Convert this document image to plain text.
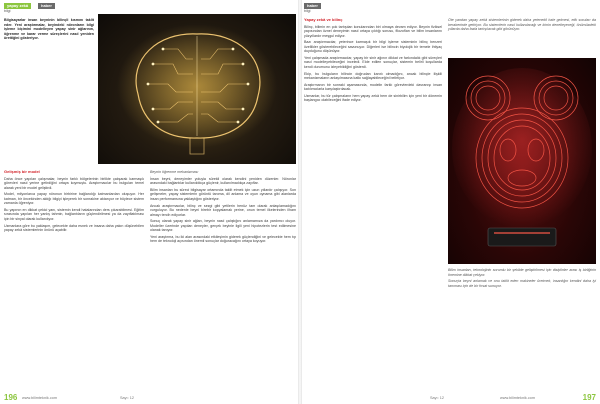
yapay zekâ	haber
bilgi

Bilgisayarlar insan beyninin bilinçli kısmını taklit eder. Yeni araştırmalar, beyindeki nöronların bilgi işleme biçimini modelleyen yapay sinir ağlarının, öğrenme ve karar verme süreçlerini nasıl yeniden ürettiğini gösteriyor.

Gelişmiş bir model

Daha önce yapılan çalışmalar, beynin farklı bölgelerinin birlikte çalışarak karmaşık görevleri nasıl yerine getirdiğini ortaya koymuştu. Araştırmacılar bu bulguları temel alarak yeni bir model geliştirdi.

Model, milyonlarca yapay nöronun birbirine bağlandığı katmanlardan oluşuyor. Her katman, bir öncekinden aldığı bilgiyi işleyerek bir sonrakine aktarıyor ve böylece sistem zamanla öğreniyor.

Bu yapının en dikkat çekici yanı, sistemin kendi hatalarından ders çıkarabilmesi. Eğitim sırasında yapılan her yanlış tahmin, bağlantıların güçlendirilmesi ya da zayıflatılması için bir sinyal olarak kullanılıyor.

Uzmanlara göre bu yaklaşım, gelecekte daha esnek ve insana daha yakın düşünebilen yapay zekâ sistemlerinin önünü açabilir.

Beynin öğrenme mekanizması

İnsan beyni, deneyimler yoluyla sürekli olarak kendini yeniden düzenler. Nöronlar arasındaki bağlantılar kullanıldıkça güçlenir, kullanılmadıkça zayıflar.

Bilim insanları bu süreci bilgisayar ortamında taklit etmek için uzun yıllardır çalışıyor. Son gelişmeler, yapay sistemlerin görüntü tanıma, dil anlama ve oyun oynama gibi alanlarda insan performansına yaklaştığını gösteriyor.

Ancak araştırmacılar, bilinç ve sezgi gibi yetilerin henüz tam olarak anlaşılamadığını vurguluyor. Bu nedenle beyni birebir kopyalamak yerine, onun temel ilkelerinden ilham almayı tercih ediyorlar.

Sonuç olarak yapay sinir ağları, beynin nasıl çalıştığını anlamamıza da yardımcı oluyor. Modeller üzerinde yapılan deneyler, gerçek beyinle ilgili yeni hipotezlerin test edilmesine olanak tanıyor.

Yeni araştırma, bu iki alan arasındaki etkileşimin giderek güçlendiğini ve gelecekte hem tıp hem de teknoloji açısından önemli sonuçlar doğuracağını ortaya koyuyor.

196 www.bilimteknik.com	Sayı: 12
haber
bilgi
Yapay zekâ ve bilinç

Bilinç, bilimin en çok tartışılan konularından biri olmaya devam ediyor. Beynin fiziksel yapısından öznel deneyimin nasıl ortaya çıktığı sorusu, filozofları ve bilim insanlarını yüzyıllardır meşgul ediyor.

Bazı araştırmacılar, yeterince karmaşık bir bilgi işleme sisteminin bilinç benzeri özellikler gösterebileceğini savunuyor. Diğerleri ise bilincin biyolojik bir temele ihtiyaç duyduğunu düşünüyor.

Yeni çalışmada araştırmacılar, yapay bir sinir ağının dikkat ve farkındalık gibi süreçleri nasıl modelleyebileceğini inceledi. Elde edilen sonuçlar, sistemin belirli koşullarda kendi durumunu izleyebildiğini gösterdi.

Ekip, bu bulguların bilincin doğrudan kanıtı olmadığını, ancak bilinçle ilişkili mekanizmaların anlaşılmasına katkı sağlayabileceğini belirtiyor.

Araştırmanın bir sonraki aşamasında, modelin farklı görevlerdeki davranışı insan katılımcılarla karşılaştırılacak.

Uzmanlar, bu tür çalışmaların hem yapay zekâ hem de sinirbilim için yeni bir dönemin başlangıcı olabileceğini ifade ediyor.

Öte yandan yapay zekâ sistemlerinin giderek daha yetenekli hale gelmesi, etik soruları da beraberinde getiriyor. Bu sistemlerin nasıl kullanılacağı ve kimin denetleyeceği, önümüzdeki yıllarda daha fazla tartışılacak gibi görünüyor.

Bilim insanları, teknolojinin sorumlu bir şekilde geliştirilmesi için disiplinler arası iş birliğinin önemine dikkat çekiyor.

Sonuçta beyni anlamak ve onu taklit eden makineler üretmek, insanlığın kendini daha iyi tanıması için de bir fırsat sunuyor.

197
Sayı: 12	www.bilimteknik.com
